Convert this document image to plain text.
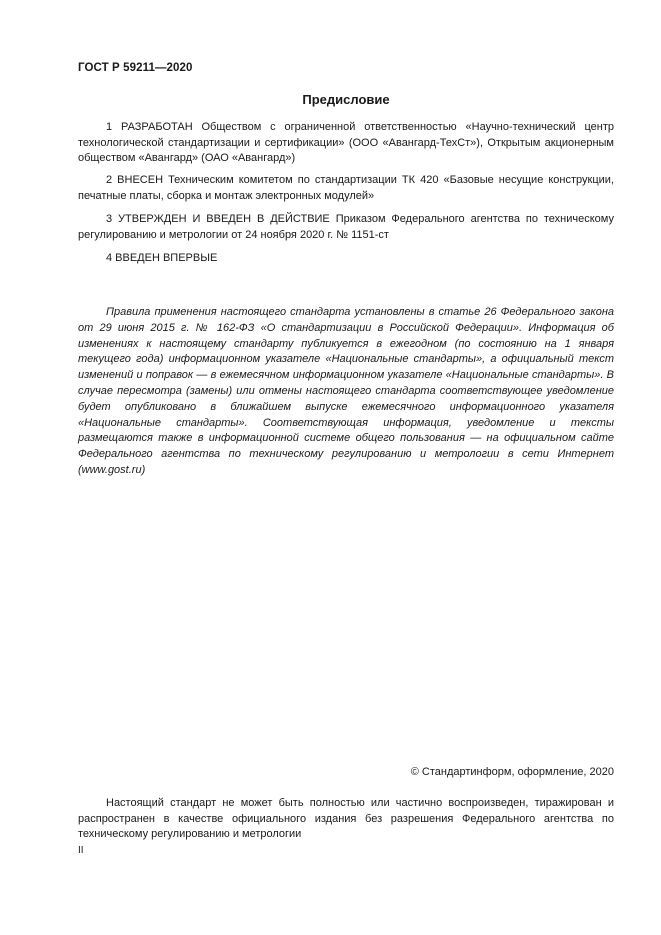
ГОСТ Р 59211—2020
Предисловие

1 РАЗРАБОТАН Обществом с ограниченной ответственностью «Научно-технический центр технологической стандартизации и сертификации» (ООО «Авангард-ТехСт»), Открытым акционерным обществом «Авангард» (ОАО «Авангард»)

2 ВНЕСЕН Техническим комитетом по стандартизации ТК 420 «Базовые несущие конструкции, печатные платы, сборка и монтаж электронных модулей»

3 УТВЕРЖДЕН И ВВЕДЕН В ДЕЙСТВИЕ Приказом Федерального агентства по техническому регулированию и метрологии от 24 ноября 2020 г. № 1151-ст

4 ВВЕДЕН ВПЕРВЫЕ

Правила применения настоящего стандарта установлены в статье 26 Федерального закона от 29 июня 2015 г. № 162-ФЗ «О стандартизации в Российской Федерации». Информация об изменениях к настоящему стандарту публикуется в ежегодном (по состоянию на 1 января текущего года) информационном указателе «Национальные стандарты», а официальный текст изменений и поправок — в ежемесячном информационном указателе «Национальные стандарты». В случае пересмотра (замены) или отмены настоящего стандарта соответствующее уведомление будет опубликовано в ближайшем выпуске ежемесячного информационного указателя «Национальные стандарты». Соответствующая информация, уведомление и тексты размещаются также в информационной системе общего пользования — на официальном сайте Федерального агентства по техническому регулированию и метрологии в сети Интернет (www.gost.ru)

© Стандартинформ, оформление, 2020

Настоящий стандарт не может быть полностью или частично воспроизведен, тиражирован и распространен в качестве официального издания без разрешения Федерального агентства по техническому регулированию и метрологии

II
